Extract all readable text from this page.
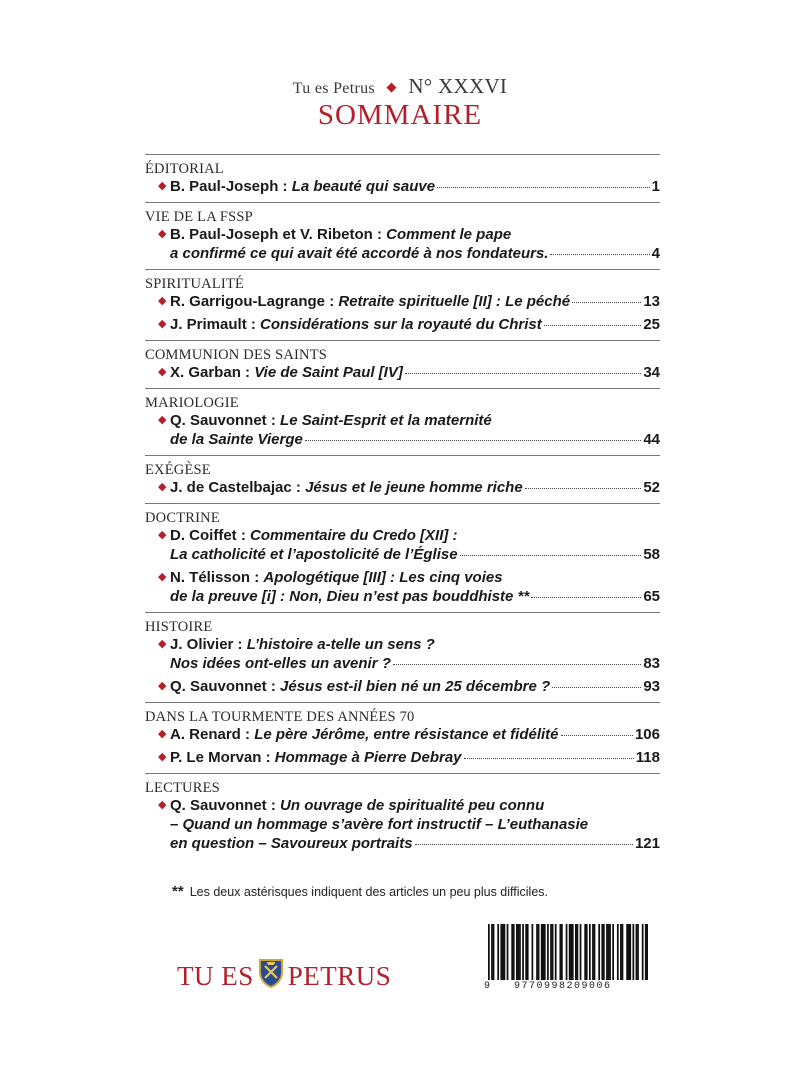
Tu es Petrus ◆ N° XXXVI
SOMMAIRE
ÉDITORIAL
◆ B. Paul-Joseph : La beauté qui sauve	1
VIE DE LA FSSP
◆ B. Paul-Joseph et V. Ribeton : Comment le pape
a confirmé ce qui avait été accordé à nos fondateurs.	4
SPIRITUALITÉ
◆ R. Garrigou-Lagrange : Retraite spirituelle [II] : Le péché	13
◆ J. Primault : Considérations sur la royauté du Christ	25
COMMUNION DES SAINTS
◆ X. Garban : Vie de Saint Paul [IV]	34
MARIOLOGIE
◆ Q. Sauvonnet : Le Saint-Esprit et la maternité
de la Sainte Vierge	44
EXÉGÈSE
◆ J. de Castelbajac : Jésus et le jeune homme riche	52
DOCTRINE
◆ D. Coiffet : Commentaire du Credo [XII] :
La catholicité et l’apostolicité de l’Église	58
◆ N. Télisson : Apologétique [III] : Les cinq voies
de la preuve [i] : Non, Dieu n’est pas bouddhiste **	65
HISTOIRE
◆ J. Olivier : L’histoire a-telle un sens ?
Nos idées ont-elles un avenir ?	83
◆ Q. Sauvonnet : Jésus est-il bien né un 25 décembre ?	93
DANS LA TOURMENTE DES ANNÉES 70
◆ A. Renard : Le père Jérôme, entre résistance et fidélité	106
◆ P. Le Morvan : Hommage à Pierre Debray	118
LECTURES
◆ Q. Sauvonnet : Un ouvrage de spiritualité peu connu
– Quand un hommage s’avère fort instructif – L’euthanasie
en question – Savoureux portraits	121
** Les deux astérisques indiquent des articles un peu plus difficiles.
TU ES PETRUS	9 9770998209006
